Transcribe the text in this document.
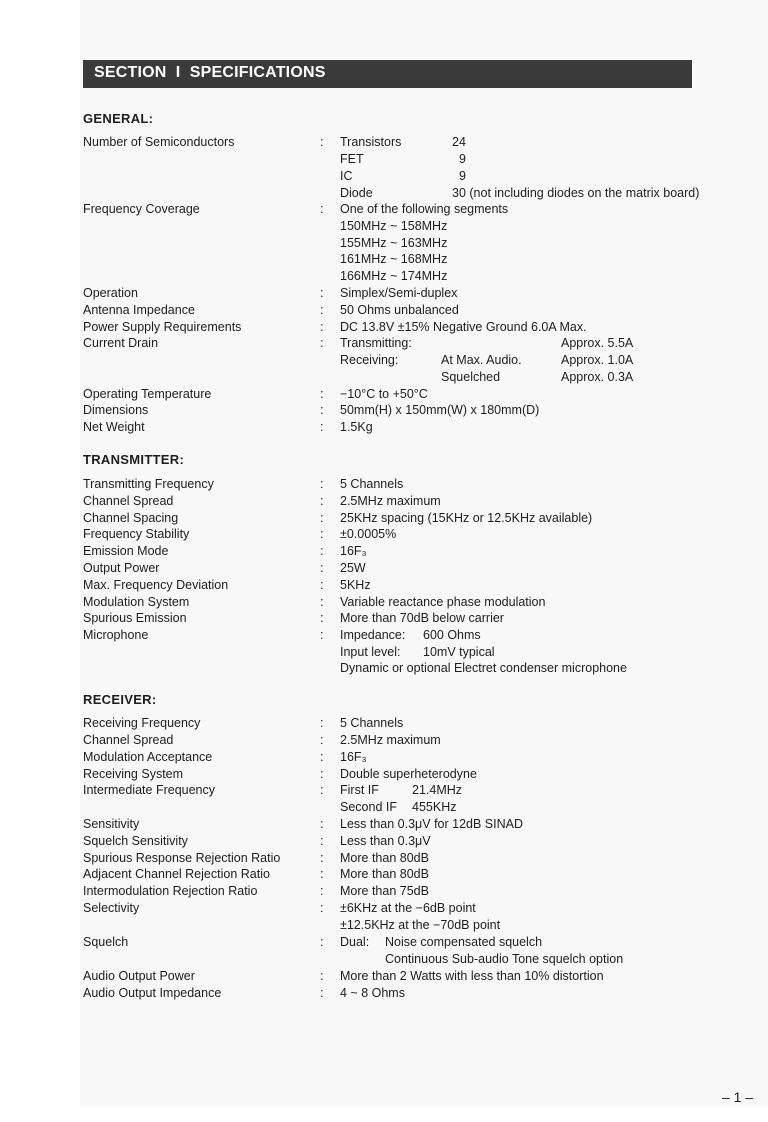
SECTION  I  SPECIFICATIONS
GENERAL:
Number of Semiconductors	: Transistors	24
FET	9
IC	9
Diode	30 (not including diodes on the matrix board)
Frequency Coverage	: One of the following segments
150MHz ~ 158MHz
155MHz ~ 163MHz
161MHz ~ 168MHz
166MHz ~ 174MHz
Operation	: Simplex/Semi-duplex
Antenna Impedance	: 50 Ohms unbalanced
Power Supply Requirements	: DC 13.8V ±15% Negative Ground 6.0A Max.
Current Drain	: Transmitting:	Approx. 5.5A
Receiving:	At Max. Audio.	Approx. 1.0A
Squelched	Approx. 0.3A
Operating Temperature	: −10°C to +50°C
Dimensions	: 50mm(H) x 150mm(W) x 180mm(D)
Net Weight	: 1.5Kg
TRANSMITTER:
Transmitting Frequency	: 5 Channels
Channel Spread	: 2.5MHz maximum
Channel Spacing	: 25KHz spacing (15KHz or 12.5KHz available)
Frequency Stability	: ±0.0005%
Emission Mode	: 16F₃
Output Power	: 25W
Max. Frequency Deviation	: 5KHz
Modulation System	: Variable reactance phase modulation
Spurious Emission	: More than 70dB below carrier
Microphone	: Impedance: 600 Ohms
Input level: 10mV typical
Dynamic or optional Electret condenser microphone
RECEIVER:
Receiving Frequency	: 5 Channels
Channel Spread	: 2.5MHz maximum
Modulation Acceptance	: 16F₃
Receiving System	: Double superheterodyne
Intermediate Frequency	: First IF	21.4MHz
Second IF 455KHz
Sensitivity	: Less than 0.3μV for 12dB SINAD
Squelch Sensitivity	: Less than 0.3μV
Spurious Response Rejection Ratio	: More than 80dB
Adjacent Channel Rejection Ratio	: More than 80dB
Intermodulation Rejection Ratio	: More than 75dB
Selectivity	: ±6KHz at the −6dB point
±12.5KHz at the −70dB point
Squelch	: Dual: Noise compensated squelch
Continuous Sub-audio Tone squelch option
Audio Output Power	: More than 2 Watts with less than 10% distortion
Audio Output Impedance	: 4 ~ 8 Ohms
– 1 –
